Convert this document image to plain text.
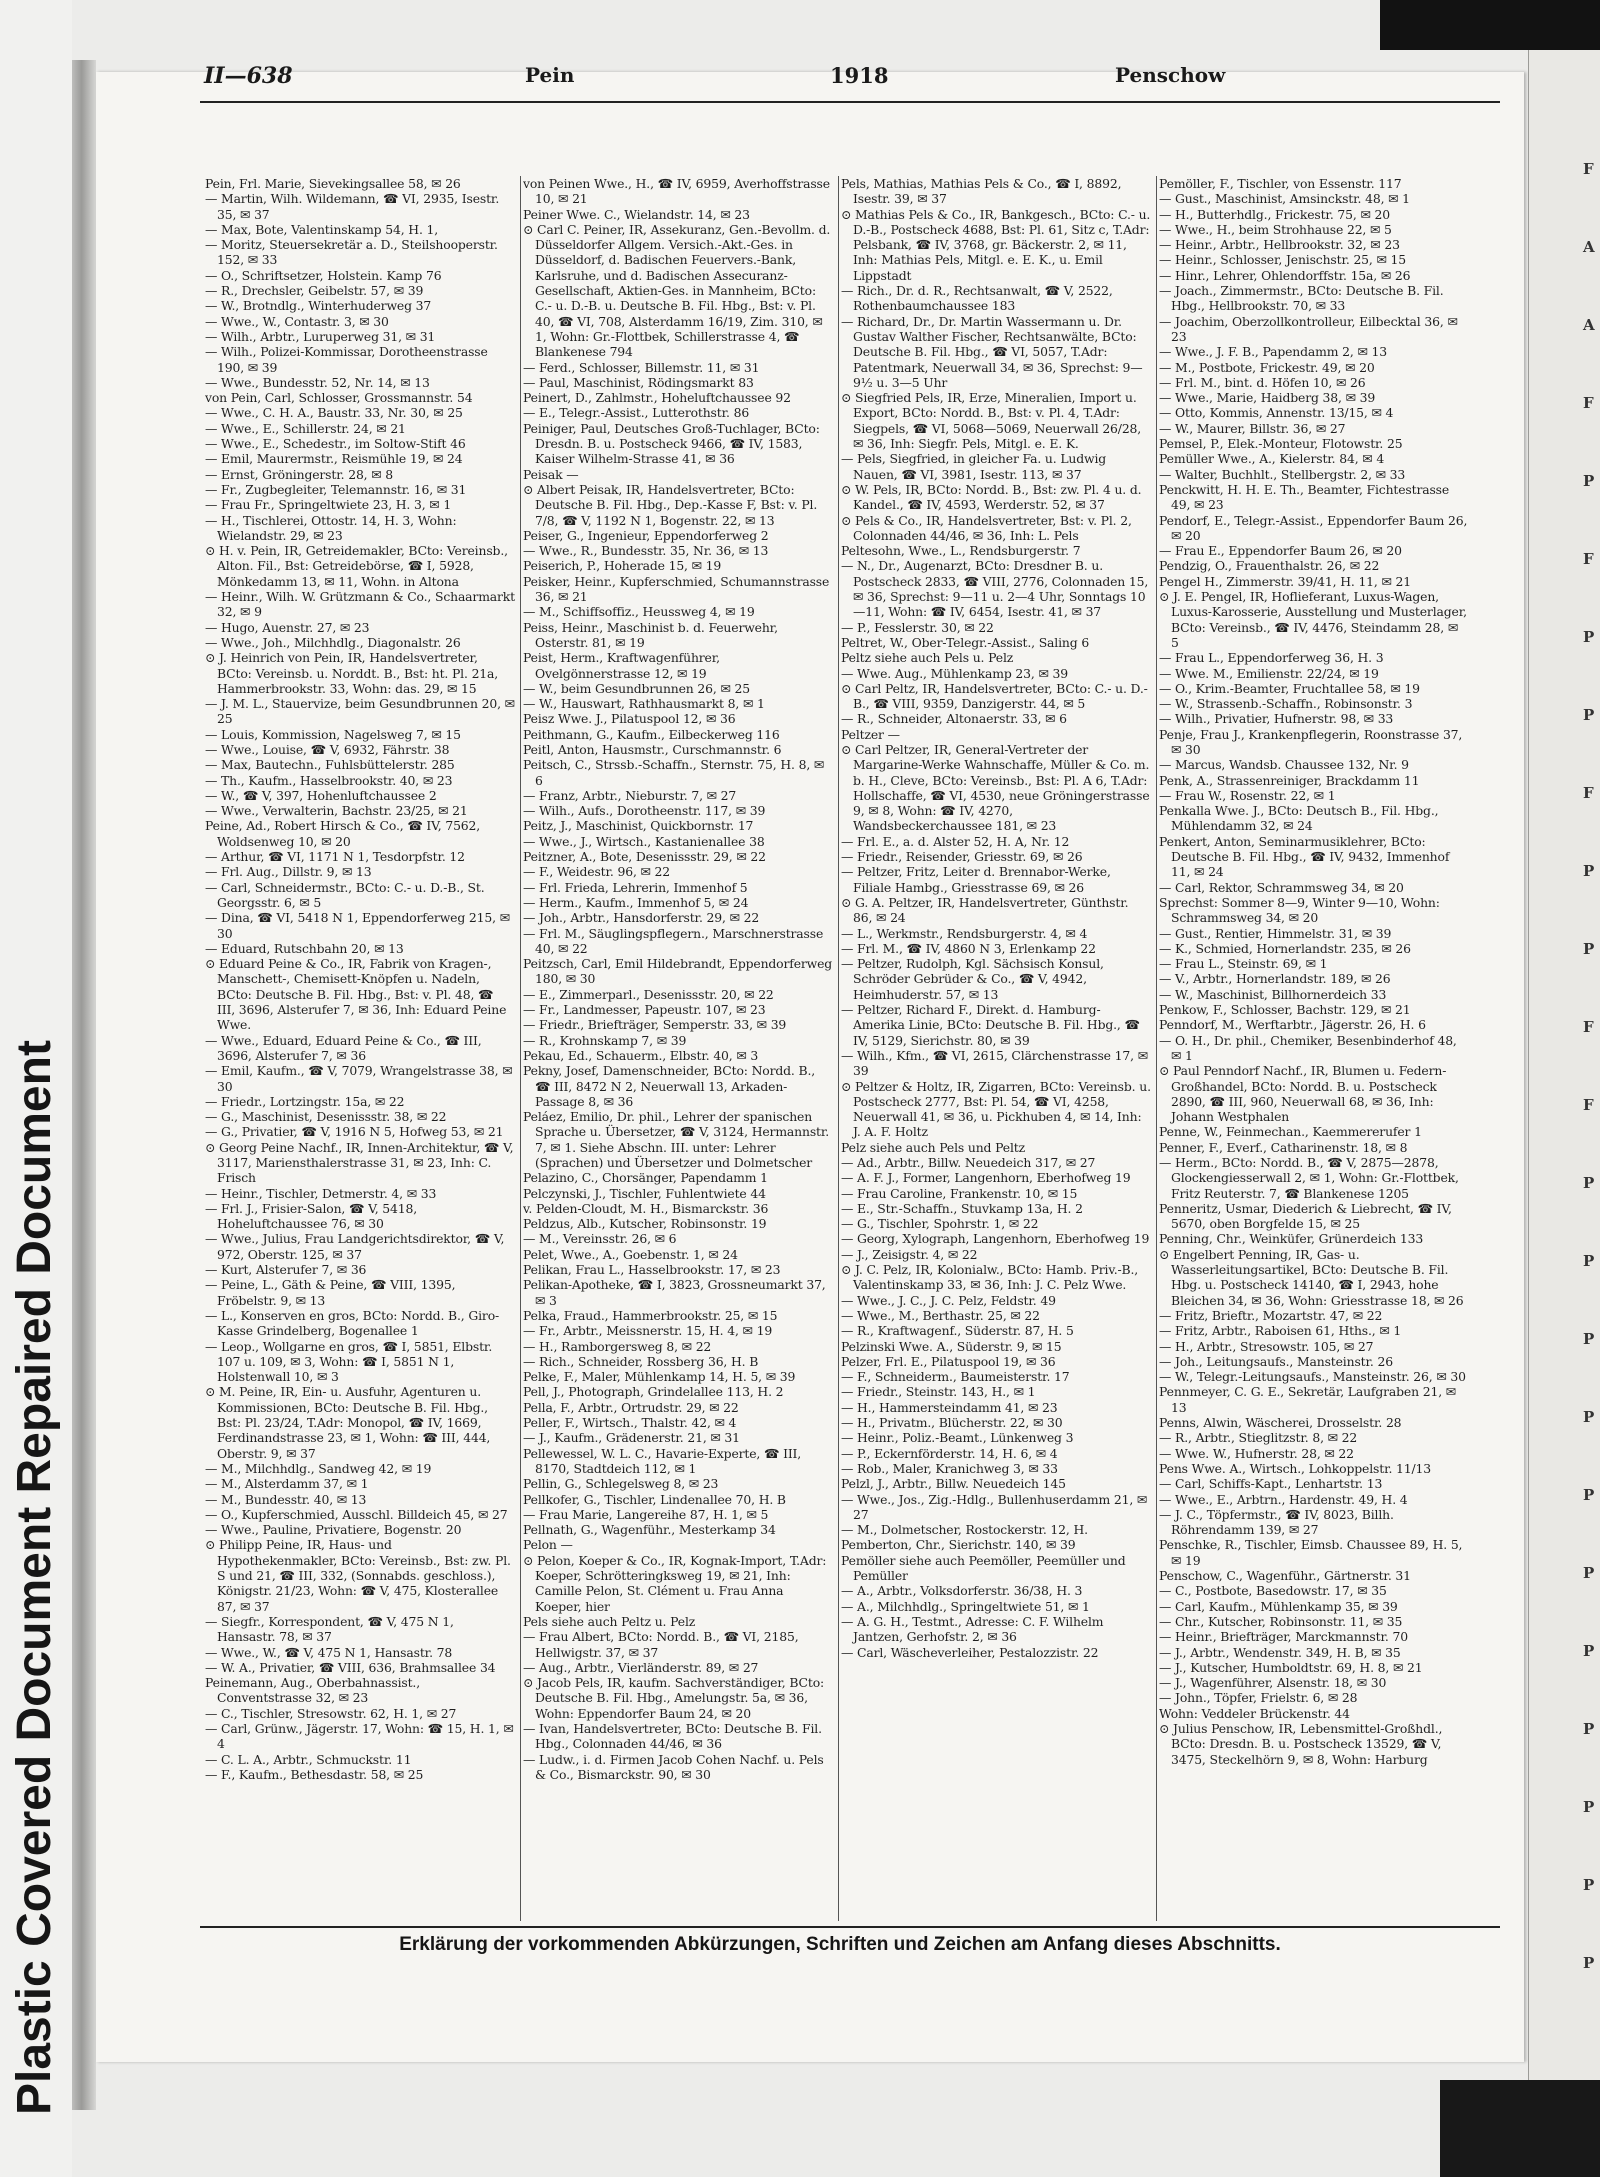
Plastic Covered Document Repaired Document
II—638	Pein	1918	Penschow

Pein, Frl. Marie, Sievekingsallee 58, ✉ 26

— Martin, Wilh. Wildemann, ☎ VI, 2935, Isestr. 35, ✉ 37

— Max, Bote, Valentinskamp 54, H. 1,

— Moritz, Steuersekretär a. D., Steilshooperstr. 152, ✉ 33

— O., Schriftsetzer, Holstein. Kamp 76

— R., Drechsler, Geibelstr. 57, ✉ 39

— W., Brotndlg., Winterhuderweg 37

— Wwe., W., Contastr. 3, ✉ 30

— Wilh., Arbtr., Luruperweg 31, ✉ 31

— Wilh., Polizei-Kommissar, Dorotheenstrasse 190, ✉ 39

— Wwe., Bundesstr. 52, Nr. 14, ✉ 13

von Pein, Carl, Schlosser, Grossmannstr. 54

— Wwe., C. H. A., Baustr. 33, Nr. 30, ✉ 25

— Wwe., E., Schillerstr. 24, ✉ 21

— Wwe., E., Schedestr., im Soltow-Stift 46

— Emil, Maurermstr., Reismühle 19, ✉ 24

— Ernst, Gröningerstr. 28, ✉ 8

— Fr., Zugbegleiter, Telemannstr. 16, ✉ 31

— Frau Fr., Springeltwiete 23, H. 3, ✉ 1

— H., Tischlerei, Ottostr. 14, H. 3, Wohn: Wielandstr. 29, ✉ 23

⊙ H. v. Pein, IR, Getreidemakler, BCto: Vereinsb., Alton. Fil., Bst: Getreidebörse, ☎ I, 5928, Mönkedamm 13, ✉ 11, Wohn. in Altona

— Heinr., Wilh. W. Grützmann & Co., Schaarmarkt 32, ✉ 9

— Hugo, Auenstr. 27, ✉ 23

— Wwe., Joh., Milchhdlg., Diagonalstr. 26

⊙ J. Heinrich von Pein, IR, Handelsvertreter, BCto: Vereinsb. u. Norddt. B., Bst: ht. Pl. 21a, Hammerbrookstr. 33, Wohn: das. 29, ✉ 15

— J. M. L., Stauervize, beim Gesundbrunnen 20, ✉ 25

— Louis, Kommission, Nagelsweg 7, ✉ 15

— Wwe., Louise, ☎ V, 6932, Fährstr. 38

— Max, Bautechn., Fuhlsbüttelerstr. 285

— Th., Kaufm., Hasselbrookstr. 40, ✉ 23

— W., ☎ V, 397, Hohenluftchaussee 2

— Wwe., Verwalterin, Bachstr. 23/25, ✉ 21

Peine, Ad., Robert Hirsch & Co., ☎ IV, 7562, Woldsenweg 10, ✉ 20

— Arthur, ☎ VI, 1171 N 1, Tesdorpfstr. 12

— Frl. Aug., Dillstr. 9, ✉ 13

— Carl, Schneidermstr., BCto: C.- u. D.-B., St. Georgsstr. 6, ✉ 5

— Dina, ☎ VI, 5418 N 1, Eppendorferweg 215, ✉ 30

— Eduard, Rutschbahn 20, ✉ 13

⊙ Eduard Peine & Co., IR, Fabrik von Kragen-, Manschett-, Chemisett-Knöpfen u. Nadeln, BCto: Deutsche B. Fil. Hbg., Bst: v. Pl. 48, ☎ III, 3696, Alsterufer 7, ✉ 36, Inh: Eduard Peine Wwe.

— Wwe., Eduard, Eduard Peine & Co., ☎ III, 3696, Alsterufer 7, ✉ 36

— Emil, Kaufm., ☎ V, 7079, Wrangelstrasse 38, ✉ 30

— Friedr., Lortzingstr. 15a, ✉ 22

— G., Maschinist, Desenissstr. 38, ✉ 22

— G., Privatier, ☎ V, 1916 N 5, Hofweg 53, ✉ 21

⊙ Georg Peine Nachf., IR, Innen-Architektur, ☎ V, 3117, Mariensthalerstrasse 31, ✉ 23, Inh: C. Frisch

— Heinr., Tischler, Detmerstr. 4, ✉ 33

— Frl. J., Frisier-Salon, ☎ V, 5418, Hoheluftchaussee 76, ✉ 30

— Wwe., Julius, Frau Landgerichtsdirektor, ☎ V, 972, Oberstr. 125, ✉ 37

— Kurt, Alsterufer 7, ✉ 36

— Peine, L., Gäth & Peine, ☎ VIII, 1395, Fröbelstr. 9, ✉ 13

— L., Konserven en gros, BCto: Nordd. B., Giro-Kasse Grindelberg, Bogenallee 1

— Leop., Wollgarne en gros, ☎ I, 5851, Elbstr. 107 u. 109, ✉ 3, Wohn: ☎ I, 5851 N 1, Holstenwall 10, ✉ 3

⊙ M. Peine, IR, Ein- u. Ausfuhr, Agenturen u. Kommissionen, BCto: Deutsche B. Fil. Hbg., Bst: Pl. 23/24, T.Adr: Monopol, ☎ IV, 1669, Ferdinandstrasse 23, ✉ 1, Wohn: ☎ III, 444, Oberstr. 9, ✉ 37

— M., Milchhdlg., Sandweg 42, ✉ 19

— M., Alsterdamm 37, ✉ 1

— M., Bundesstr. 40, ✉ 13

— O., Kupferschmied, Ausschl. Billdeich 45, ✉ 27

— Wwe., Pauline, Privatiere, Bogenstr. 20

⊙ Philipp Peine, IR, Haus- und Hypothekenmakler, BCto: Vereinsb., Bst: zw. Pl. S und 21, ☎ III, 332, (Sonnabds. geschloss.), Königstr. 21/23, Wohn: ☎ V, 475, Klosterallee 87, ✉ 37

— Siegfr., Korrespondent, ☎ V, 475 N 1, Hansastr. 78, ✉ 37

— Wwe., W., ☎ V, 475 N 1, Hansastr. 78

— W. A., Privatier, ☎ VIII, 636, Brahmsallee 34

Peinemann, Aug., Oberbahnassist., Conventstrasse 32, ✉ 23

— C., Tischler, Stresowstr. 62, H. 1, ✉ 27

— Carl, Grünw., Jägerstr. 17, Wohn: ☎ 15, H. 1, ✉ 4

— C. L. A., Arbtr., Schmuckstr. 11

— F., Kaufm., Bethesdastr. 58, ✉ 25

von Peinen Wwe., H., ☎ IV, 6959, Averhoffstrasse 10, ✉ 21

Peiner Wwe. C., Wielandstr. 14, ✉ 23

⊙ Carl C. Peiner, IR, Assekuranz, Gen.-Bevollm. d. Düsseldorfer Allgem. Versich.-Akt.-Ges. in Düsseldorf, d. Badischen Feuervers.-Bank, Karlsruhe, und d. Badischen Assecuranz-Gesellschaft, Aktien-Ges. in Mannheim, BCto: C.- u. D.-B. u. Deutsche B. Fil. Hbg., Bst: v. Pl. 40, ☎ VI, 708, Alsterdamm 16/19, Zim. 310, ✉ 1, Wohn: Gr.-Flottbek, Schillerstrasse 4, ☎ Blankenese 794

— Ferd., Schlosser, Billemstr. 11, ✉ 31

— Paul, Maschinist, Rödingsmarkt 83

Peinert, D., Zahlmstr., Hoheluftchaussee 92

— E., Telegr.-Assist., Lutterothstr. 86

Peiniger, Paul, Deutsches Groß-Tuchlager, BCto: Dresdn. B. u. Postscheck 9466, ☎ IV, 1583, Kaiser Wilhelm-Strasse 41, ✉ 36

Peisak —

⊙ Albert Peisak, IR, Handelsvertreter, BCto: Deutsche B. Fil. Hbg., Dep.-Kasse F, Bst: v. Pl. 7/8, ☎ V, 1192 N 1, Bogenstr. 22, ✉ 13

Peiser, G., Ingenieur, Eppendorferweg 2

— Wwe., R., Bundesstr. 35, Nr. 36, ✉ 13

Peiserich, P., Hoherade 15, ✉ 19

Peisker, Heinr., Kupferschmied, Schumannstrasse 36, ✉ 21

— M., Schiffsoffiz., Heussweg 4, ✉ 19

Peiss, Heinr., Maschinist b. d. Feuerwehr, Osterstr. 81, ✉ 19

Peist, Herm., Kraftwagenführer, Ovelgönnerstrasse 12, ✉ 19

— W., beim Gesundbrunnen 26, ✉ 25

— W., Hauswart, Rathhausmarkt 8, ✉ 1

Peisz Wwe. J., Pilatuspool 12, ✉ 36

Peithmann, G., Kaufm., Eilbeckerweg 116

Peitl, Anton, Hausmstr., Curschmannstr. 6

Peitsch, C., Strssb.-Schaffn., Sternstr. 75, H. 8, ✉ 6

— Franz, Arbtr., Nieburstr. 7, ✉ 27

— Wilh., Aufs., Dorotheenstr. 117, ✉ 39

Peitz, J., Maschinist, Quickbornstr. 17

— Wwe., J., Wirtsch., Kastanienallee 38

Peitzner, A., Bote, Desenissstr. 29, ✉ 22

— F., Weidestr. 96, ✉ 22

— Frl. Frieda, Lehrerin, Immenhof 5

— Herm., Kaufm., Immenhof 5, ✉ 24

— Joh., Arbtr., Hansdorferstr. 29, ✉ 22

— Frl. M., Säuglingspflegern., Marschnerstrasse 40, ✉ 22

Peitzsch, Carl, Emil Hildebrandt, Eppendorferweg 180, ✉ 30

— E., Zimmerparl., Desenissstr. 20, ✉ 22

— Fr., Landmesser, Papeustr. 107, ✉ 23

— Friedr., Briefträger, Semperstr. 33, ✉ 39

— R., Krohnskamp 7, ✉ 39

Pekau, Ed., Schauerm., Elbstr. 40, ✉ 3

Pekny, Josef, Damenschneider, BCto: Nordd. B., ☎ III, 8472 N 2, Neuerwall 13, Arkaden-Passage 8, ✉ 36

Peláez, Emilio, Dr. phil., Lehrer der spanischen Sprache u. Übersetzer, ☎ V, 3124, Hermannstr. 7, ✉ 1. Siehe Abschn. III. unter: Lehrer (Sprachen) und Übersetzer und Dolmetscher

Pelazino, C., Chorsänger, Papendamm 1

Pelczynski, J., Tischler, Fuhlentwiete 44

v. Pelden-Cloudt, M. H., Bismarckstr. 36

Peldzus, Alb., Kutscher, Robinsonstr. 19

— M., Vereinsstr. 26, ✉ 6

Pelet, Wwe., A., Goebenstr. 1, ✉ 24

Pelikan, Frau L., Hasselbrookstr. 17, ✉ 23

Pelikan-Apotheke, ☎ I, 3823, Grossneumarkt 37, ✉ 3

Pelka, Fraud., Hammerbrookstr. 25, ✉ 15

— Fr., Arbtr., Meissnerstr. 15, H. 4, ✉ 19

— H., Ramborgersweg 8, ✉ 22

— Rich., Schneider, Rossberg 36, H. B

Pelke, F., Maler, Mühlenkamp 14, H. 5, ✉ 39

Pell, J., Photograph, Grindelallee 113, H. 2

Pella, F., Arbtr., Ortrudstr. 29, ✉ 22

Peller, F., Wirtsch., Thalstr. 42, ✉ 4

— J., Kaufm., Grädenerstr. 21, ✉ 31

Pellewessel, W. L. C., Havarie-Experte, ☎ III, 8170, Stadtdeich 112, ✉ 1

Pellin, G., Schlegelsweg 8, ✉ 23

Pellkofer, G., Tischler, Lindenallee 70, H. B

— Frau Marie, Langereihe 87, H. 1, ✉ 5

Pellnath, G., Wagenführ., Mesterkamp 34

Pelon —

⊙ Pelon, Koeper & Co., IR, Kognak-Import, T.Adr: Koeper, Schrötteringksweg 19, ✉ 21, Inh: Camille Pelon, St. Clément u. Frau Anna Koeper, hier

Pels siehe auch Peltz u. Pelz

— Frau Albert, BCto: Nordd. B., ☎ VI, 2185, Hellwigstr. 37, ✉ 37

— Aug., Arbtr., Vierländerstr. 89, ✉ 27

⊙ Jacob Pels, IR, kaufm. Sachverständiger, BCto: Deutsche B. Fil. Hbg., Amelungstr. 5a, ✉ 36, Wohn: Eppendorfer Baum 24, ✉ 20

— Ivan, Handelsvertreter, BCto: Deutsche B. Fil. Hbg., Colonnaden 44/46, ✉ 36

— Ludw., i. d. Firmen Jacob Cohen Nachf. u. Pels & Co., Bismarckstr. 90, ✉ 30

Pels, Mathias, Mathias Pels & Co., ☎ I, 8892, Isestr. 39, ✉ 37

⊙ Mathias Pels & Co., IR, Bankgesch., BCto: C.- u. D.-B., Postscheck 4688, Bst: Pl. 61, Sitz c, T.Adr: Pelsbank, ☎ IV, 3768, gr. Bäckerstr. 2, ✉ 11, Inh: Mathias Pels, Mitgl. e. E. K., u. Emil Lippstadt

— Rich., Dr. d. R., Rechtsanwalt, ☎ V, 2522, Rothenbaumchaussee 183

— Richard, Dr., Dr. Martin Wassermann u. Dr. Gustav Walther Fischer, Rechtsanwälte, BCto: Deutsche B. Fil. Hbg., ☎ VI, 5057, T.Adr: Patentmark, Neuerwall 34, ✉ 36, Sprechst: 9—9½ u. 3—5 Uhr

⊙ Siegfried Pels, IR, Erze, Mineralien, Import u. Export, BCto: Nordd. B., Bst: v. Pl. 4, T.Adr: Siegpels, ☎ VI, 5068—5069, Neuerwall 26/28, ✉ 36, Inh: Siegfr. Pels, Mitgl. e. E. K.

— Pels, Siegfried, in gleicher Fa. u. Ludwig Nauen, ☎ VI, 3981, Isestr. 113, ✉ 37

⊙ W. Pels, IR, BCto: Nordd. B., Bst: zw. Pl. 4 u. d. Kandel., ☎ IV, 4593, Werderstr. 52, ✉ 37

⊙ Pels & Co., IR, Handelsvertreter, Bst: v. Pl. 2, Colonnaden 44/46, ✉ 36, Inh: L. Pels

Peltesohn, Wwe., L., Rendsburgerstr. 7

— N., Dr., Augenarzt, BCto: Dresdner B. u. Postscheck 2833, ☎ VIII, 2776, Colonnaden 15, ✉ 36, Sprechst: 9—11 u. 2—4 Uhr, Sonntags 10—11, Wohn: ☎ IV, 6454, Isestr. 41, ✉ 37

— P., Fesslerstr. 30, ✉ 22

Peltret, W., Ober-Telegr.-Assist., Saling 6

Peltz siehe auch Pels u. Pelz

— Wwe. Aug., Mühlenkamp 23, ✉ 39

⊙ Carl Peltz, IR, Handelsvertreter, BCto: C.- u. D.-B., ☎ VIII, 9359, Danzigerstr. 44, ✉ 5

— R., Schneider, Altonaerstr. 33, ✉ 6

Peltzer —

⊙ Carl Peltzer, IR, General-Vertreter der Margarine-Werke Wahnschaffe, Müller & Co. m. b. H., Cleve, BCto: Vereinsb., Bst: Pl. A 6, T.Adr: Hollschaffe, ☎ VI, 4530, neue Gröningerstrasse 9, ✉ 8, Wohn: ☎ IV, 4270, Wandsbeckerchaussee 181, ✉ 23

— Frl. E., a. d. Alster 52, H. A, Nr. 12

— Friedr., Reisender, Griesstr. 69, ✉ 26

— Peltzer, Fritz, Leiter d. Brennabor-Werke, Filiale Hambg., Griesstrasse 69, ✉ 26

⊙ G. A. Peltzer, IR, Handelsvertreter, Günthstr. 86, ✉ 24

— L., Werkmstr., Rendsburgerstr. 4, ✉ 4

— Frl. M., ☎ IV, 4860 N 3, Erlenkamp 22

— Peltzer, Rudolph, Kgl. Sächsisch Konsul, Schröder Gebrüder & Co., ☎ V, 4942, Heimhuderstr. 57, ✉ 13

— Peltzer, Richard F., Direkt. d. Hamburg-Amerika Linie, BCto: Deutsche B. Fil. Hbg., ☎ IV, 5129, Sierichstr. 80, ✉ 39

— Wilh., Kfm., ☎ VI, 2615, Clärchenstrasse 17, ✉ 39

⊙ Peltzer & Holtz, IR, Zigarren, BCto: Vereinsb. u. Postscheck 2777, Bst: Pl. 54, ☎ VI, 4258, Neuerwall 41, ✉ 36, u. Pickhuben 4, ✉ 14, Inh: J. A. F. Holtz

Pelz siehe auch Pels und Peltz

— Ad., Arbtr., Billw. Neuedeich 317, ✉ 27

— A. F. J., Former, Langenhorn, Eberhofweg 19

— Frau Caroline, Frankenstr. 10, ✉ 15

— E., Str.-Schaffn., Stuvkamp 13a, H. 2

— G., Tischler, Spohrstr. 1, ✉ 22

— Georg, Xylograph, Langenhorn, Eberhofweg 19

— J., Zeisigstr. 4, ✉ 22

⊙ J. C. Pelz, IR, Kolonialw., BCto: Hamb. Priv.-B., Valentinskamp 33, ✉ 36, Inh: J. C. Pelz Wwe.

— Wwe., J. C., J. C. Pelz, Feldstr. 49

— Wwe., M., Berthastr. 25, ✉ 22

— R., Kraftwagenf., Süderstr. 87, H. 5

Pelzinski Wwe. A., Süderstr. 9, ✉ 15

Pelzer, Frl. E., Pilatuspool 19, ✉ 36

— F., Schneiderm., Baumeisterstr. 17

— Friedr., Steinstr. 143, H., ✉ 1

— H., Hammersteindamm 41, ✉ 23

— H., Privatm., Blücherstr. 22, ✉ 30

— Heinr., Poliz.-Beamt., Lünkenweg 3

— P., Eckernförderstr. 14, H. 6, ✉ 4

— Rob., Maler, Kranichweg 3, ✉ 33

Pelzl, J., Arbtr., Billw. Neuedeich 145

— Wwe., Jos., Zig.-Hdlg., Bullenhuserdamm 21, ✉ 27

— M., Dolmetscher, Rostockerstr. 12, H.

Pemberton, Chr., Sierichstr. 140, ✉ 39

Pemöller siehe auch Peemöller, Peemüller und Pemüller

— A., Arbtr., Volksdorferstr. 36/38, H. 3

— A., Milchhdlg., Springeltwiete 51, ✉ 1

— A. G. H., Testmt., Adresse: C. F. Wilhelm Jantzen, Gerhofstr. 2, ✉ 36

— Carl, Wäscheverleiher, Pestalozzistr. 22

Pemöller, F., Tischler, von Essenstr. 117

— Gust., Maschinist, Amsinckstr. 48, ✉ 1

— H., Butterhdlg., Frickestr. 75, ✉ 20

— Wwe., H., beim Strohhause 22, ✉ 5

— Heinr., Arbtr., Hellbrookstr. 32, ✉ 23

— Heinr., Schlosser, Jenischstr. 25, ✉ 15

— Hinr., Lehrer, Ohlendorffstr. 15a, ✉ 26

— Joach., Zimmermstr., BCto: Deutsche B. Fil. Hbg., Hellbrookstr. 70, ✉ 33

— Joachim, Oberzollkontrolleur, Eilbecktal 36, ✉ 23

— Wwe., J. F. B., Papendamm 2, ✉ 13

— M., Postbote, Frickestr. 49, ✉ 20

— Frl. M., bint. d. Höfen 10, ✉ 26

— Wwe., Marie, Haidberg 38, ✉ 39

— Otto, Kommis, Annenstr. 13/15, ✉ 4

— W., Maurer, Billstr. 36, ✉ 27

Pemsel, P., Elek.-Monteur, Flotowstr. 25

Pemüller Wwe., A., Kielerstr. 84, ✉ 4

— Walter, Buchhlt., Stellbergstr. 2, ✉ 33

Penckwitt, H. H. E. Th., Beamter, Fichtestrasse 49, ✉ 23

Pendorf, E., Telegr.-Assist., Eppendorfer Baum 26, ✉ 20

— Frau E., Eppendorfer Baum 26, ✉ 20

Pendzig, O., Frauenthalstr. 26, ✉ 22

Pengel H., Zimmerstr. 39/41, H. 11, ✉ 21

⊙ J. E. Pengel, IR, Hoflieferant, Luxus-Wagen, Luxus-Karosserie, Ausstellung und Musterlager, BCto: Vereinsb., ☎ IV, 4476, Steindamm 28, ✉ 5

— Frau L., Eppendorferweg 36, H. 3

— Wwe. M., Emilienstr. 22/24, ✉ 19

— O., Krim.-Beamter, Fruchtallee 58, ✉ 19

— W., Strassenb.-Schaffn., Robinsonstr. 3

— Wilh., Privatier, Hufnerstr. 98, ✉ 33

Penje, Frau J., Krankenpflegerin, Roonstrasse 37, ✉ 30

— Marcus, Wandsb. Chaussee 132, Nr. 9

Penk, A., Strassenreiniger, Brackdamm 11

— Frau W., Rosenstr. 22, ✉ 1

Penkalla Wwe. J., BCto: Deutsch B., Fil. Hbg., Mühlendamm 32, ✉ 24

Penkert, Anton, Seminarmusiklehrer, BCto: Deutsche B. Fil. Hbg., ☎ IV, 9432, Immenhof 11, ✉ 24

— Carl, Rektor, Schrammsweg 34, ✉ 20

Sprechst: Sommer 8—9, Winter 9—10, Wohn: Schrammsweg 34, ✉ 20

— Gust., Rentier, Himmelstr. 31, ✉ 39

— K., Schmied, Hornerlandstr. 235, ✉ 26

— Frau L., Steinstr. 69, ✉ 1

— V., Arbtr., Hornerlandstr. 189, ✉ 26

— W., Maschinist, Billhornerdeich 33

Penkow, F., Schlosser, Bachstr. 129, ✉ 21

Penndorf, M., Werftarbtr., Jägerstr. 26, H. 6

— O. H., Dr. phil., Chemiker, Besenbinderhof 48, ✉ 1

⊙ Paul Penndorf Nachf., IR, Blumen u. Federn-Großhandel, BCto: Nordd. B. u. Postscheck 2890, ☎ III, 960, Neuerwall 68, ✉ 36, Inh: Johann Westphalen

Penne, W., Feinmechan., Kaemmererufer 1

Penner, F., Everf., Catharinenstr. 18, ✉ 8

— Herm., BCto: Nordd. B., ☎ V, 2875—2878, Glockengiesserwall 2, ✉ 1, Wohn: Gr.-Flottbek, Fritz Reuterstr. 7, ☎ Blankenese 1205

Penneritz, Usmar, Diederich & Liebrecht, ☎ IV, 5670, oben Borgfelde 15, ✉ 25

Penning, Chr., Weinküfer, Grünerdeich 133

⊙ Engelbert Penning, IR, Gas- u. Wasserleitungsartikel, BCto: Deutsche B. Fil. Hbg. u. Postscheck 14140, ☎ I, 2943, hohe Bleichen 34, ✉ 36, Wohn: Griesstrasse 18, ✉ 26

— Fritz, Brieftr., Mozartstr. 47, ✉ 22

— Fritz, Arbtr., Raboisen 61, Hths., ✉ 1

— H., Arbtr., Stresowstr. 105, ✉ 27

— Joh., Leitungsaufs., Mansteinstr. 26

— W., Telegr.-Leitungsaufs., Mansteinstr. 26, ✉ 30

Pennmeyer, C. G. E., Sekretär, Laufgraben 21, ✉ 13

Penns, Alwin, Wäscherei, Drosselstr. 28

— R., Arbtr., Stieglitzstr. 8, ✉ 22

— Wwe. W., Hufnerstr. 28, ✉ 22

Pens Wwe. A., Wirtsch., Lohkoppelstr. 11/13

— Carl, Schiffs-Kapt., Lenhartstr. 13

— Wwe., E., Arbtrn., Hardenstr. 49, H. 4

— J. C., Töpfermstr., ☎ IV, 8023, Billh. Röhrendamm 139, ✉ 27

Penschke, R., Tischler, Eimsb. Chaussee 89, H. 5, ✉ 19

Penschow, C., Wagenführ., Gärtnerstr. 31

— C., Postbote, Basedowstr. 17, ✉ 35

— Carl, Kaufm., Mühlenkamp 35, ✉ 39

— Chr., Kutscher, Robinsonstr. 11, ✉ 35

— Heinr., Briefträger, Marckmannstr. 70

— J., Arbtr., Wendenstr. 349, H. B, ✉ 35

— J., Kutscher, Humboldtstr. 69, H. 8, ✉ 21

— J., Wagenführer, Alsenstr. 18, ✉ 30

— John., Töpfer, Frielstr. 6, ✉ 28

Wohn: Veddeler Brückenstr. 44

⊙ Julius Penschow, IR, Lebensmittel-Großhdl., BCto: Dresdn. B. u. Postscheck 13529, ☎ V, 3475, Steckelhörn 9, ✉ 8, Wohn: Harburg

Erklärung der vorkommenden Abkürzungen, Schriften und Zeichen am Anfang dieses Abschnitts.
F
A
A
F
P
F
P
P
F
P
P
F
F
P
P
P
P
P
P
P
P
P
P
P
